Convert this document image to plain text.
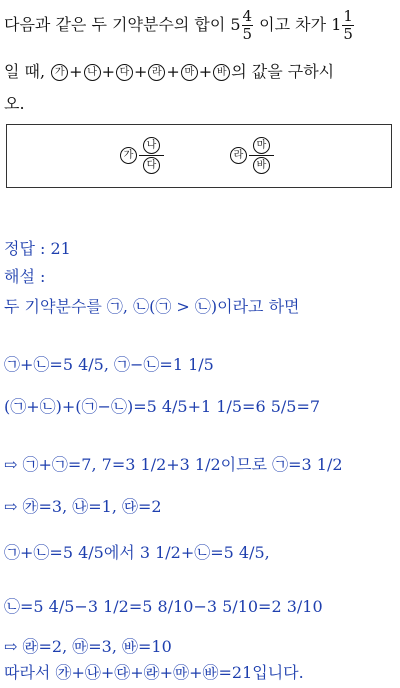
다음과 같은 두 기약분수의 합이 $5 \frac{4}{5}$ 이고 차가 $1 \frac{1}{5}$
일 때, 가 + 나 + 다 + 라 + 마 + 바 의 값을 구하시
오.
가 $\frac{\text{나}}{\text{다}}$	라 $\frac{\text{마}}{\text{바}}$
정답 : 21
해설 :
두 기약분수를 ㉠, ㉡(㉠ > ㉡)이라고 하면
㉠+㉡=5 4/5, ㉠−㉡=1 1/5
(㉠+㉡)+(㉠−㉡)=5 4/5+1 1/5=6 5/5=7
⇨ ㉠+㉠=7, 7=3 1/2+3 1/2이므로 ㉠=3 1/2
⇨ ㉮=3, ㉯=1, ㉰=2
㉠+㉡=5 4/5에서 3 1/2+㉡=5 4/5,
㉡=5 4/5−3 1/2=5 8/10−3 5/10=2 3/10
⇨ ㉱=2, ㉲=3, ㉳=10
따라서 ㉮+㉯+㉰+㉱+㉲+㉳=21입니다.
